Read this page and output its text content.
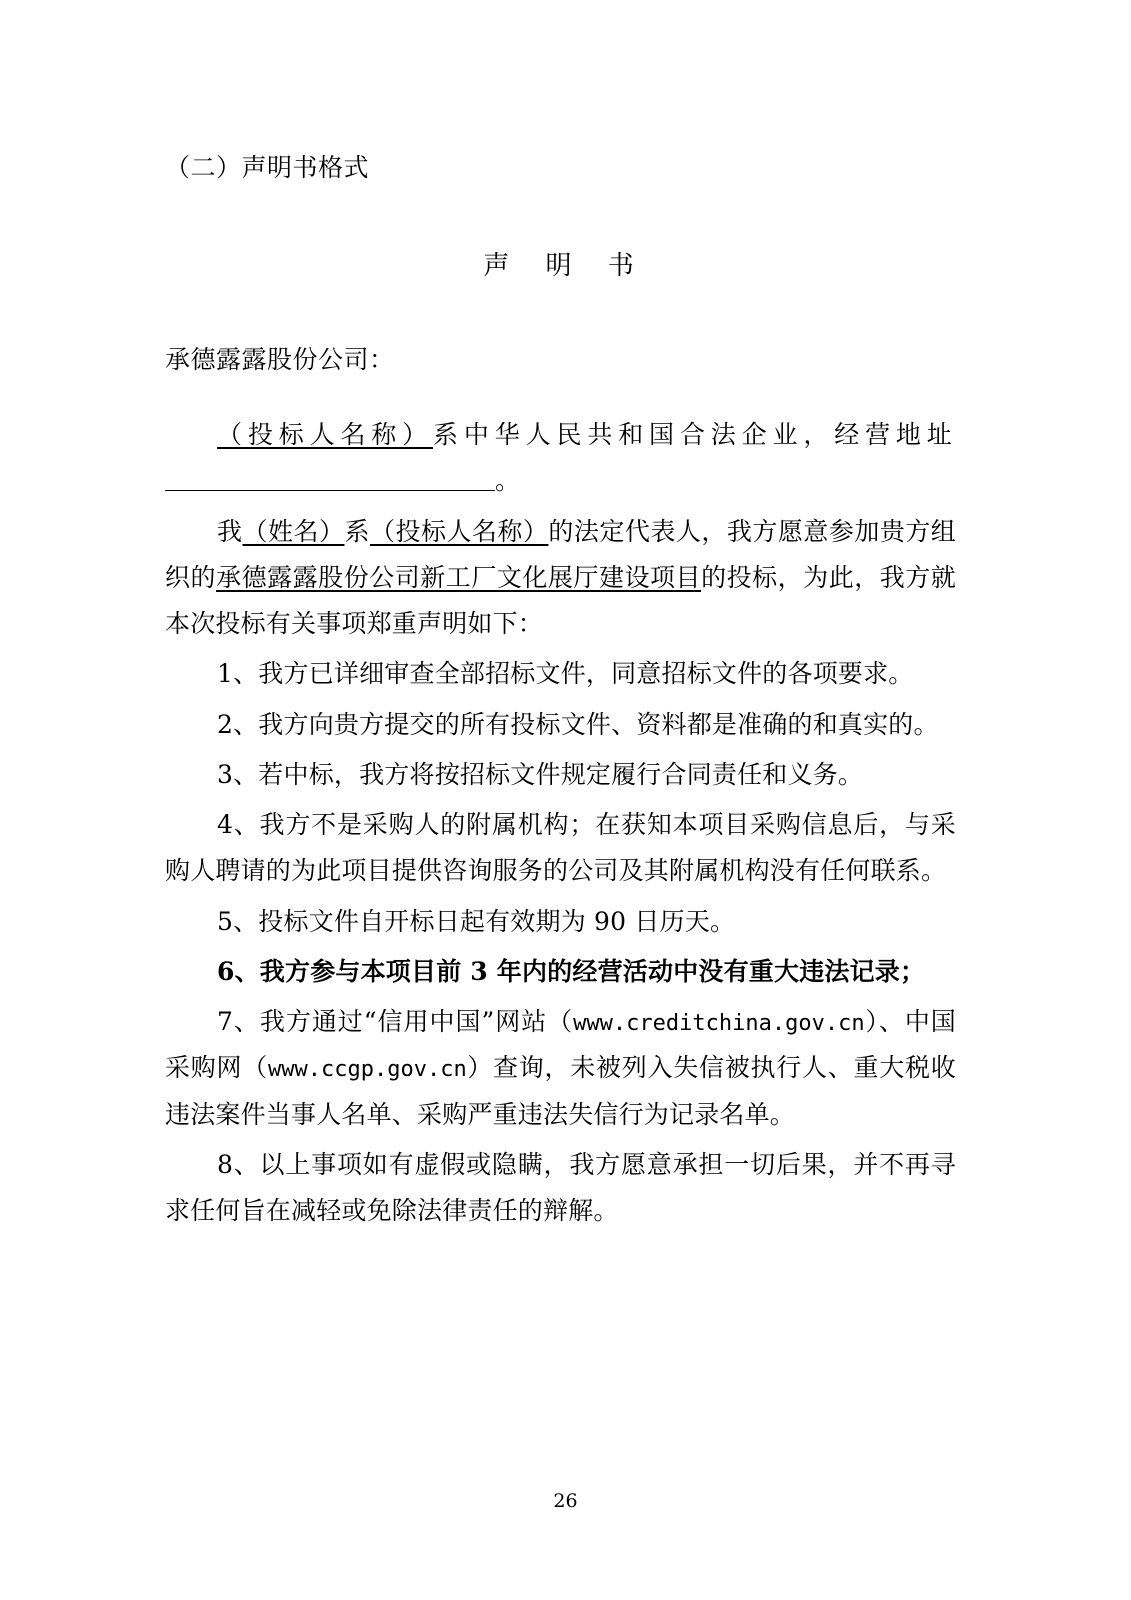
（二）声明书格式
声 明 书
承德露露股份公司：

（投标人名称）系中华人民共和国合法企业，经营地址。

我（姓名）系（投标人名称）的法定代表人，我方愿意参加贵方组织的承德露露股份公司新工厂文化展厅建设项目的投标，为此，我方就本次投标有关事项郑重声明如下：

1、我方已详细审查全部招标文件，同意招标文件的各项要求。

2、我方向贵方提交的所有投标文件、资料都是准确的和真实的。

3、若中标，我方将按招标文件规定履行合同责任和义务。

4、我方不是采购人的附属机构；在获知本项目采购信息后，与采购人聘请的为此项目提供咨询服务的公司及其附属机构没有任何联系。

5、投标文件自开标日起有效期为 90 日历天。

6、我方参与本项目前 3 年内的经营活动中没有重大违法记录；

7、我方通过“信用中国”网站（www.creditchina.gov.cn）、中国采购网（www.ccgp.gov.cn）查询，未被列入失信被执行人、重大税收违法案件当事人名单、采购严重违法失信行为记录名单。

8、以上事项如有虚假或隐瞒，我方愿意承担一切后果，并不再寻求任何旨在减轻或免除法律责任的辩解。

26
